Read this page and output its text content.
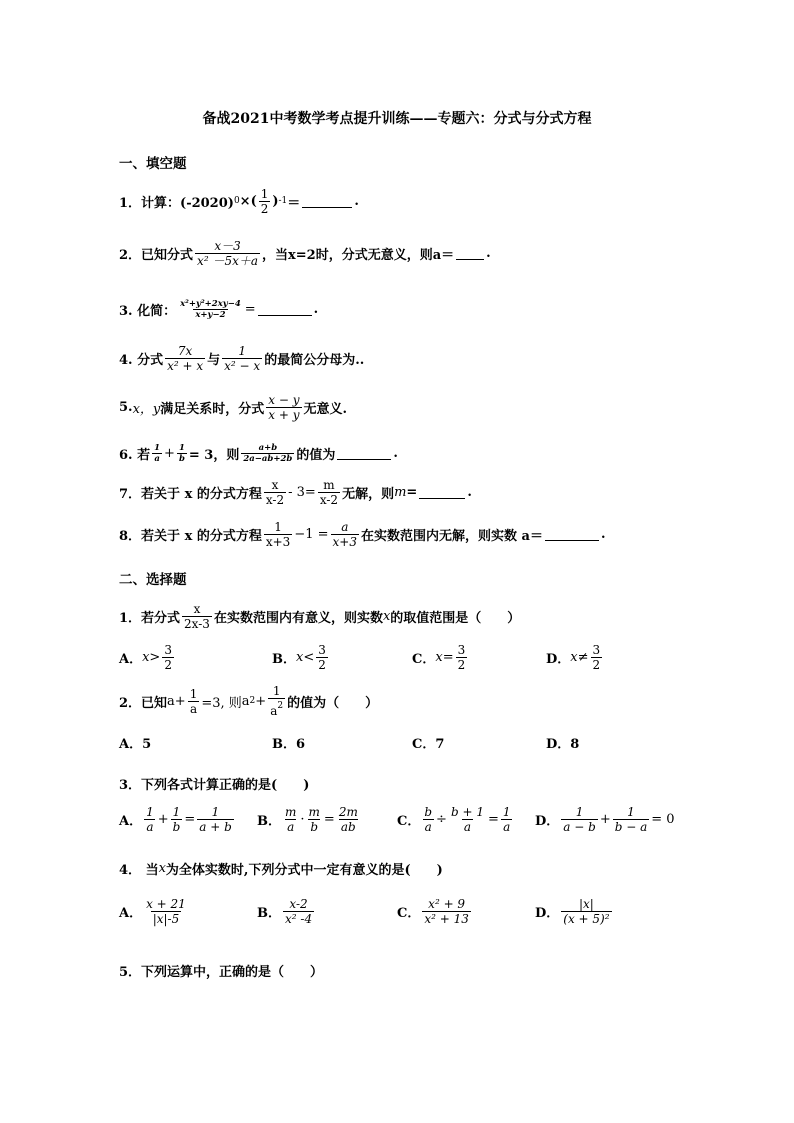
备战2021中考数学考点提升训练——专题六：分式与分式方程
一、填空题
1．计算：(-2020) 0 ×( $\frac{1}{2}$ ) -1 ＝	.
2．已知分式 $\frac{x-3}{\text{x² －5x＋a}}$ ，当x=2时，分式无意义，则a＝ .
3. 化简： $\frac{\text{x²+y²+2xy−4}}{x+y-2}$ =	.
4. 分式 $\frac{7x}{\text{x² + x}}$ 与 $\frac{1}{\text{x² − x}}$ 的最简公分母为..
5. x，y 满足关系时，分式 $\frac{x - y}{x + y}$ 无意义.
6. 若 $\frac{1}{a} + \frac{1}{b} = 3$，则 $\frac{a+b}{2a-ab+2b}$ 的值为	.
7．若关于 x 的分式方程 $\frac{x}{x-2} - 3= \frac{m}{x-2}$ 无解，则 m =	.
8．若关于 x 的分式方程 $\frac{1}{x+3} -1 = \frac{a}{x+3}$ 在实数范围内无解，则实数 a＝	.
二、选择题
1．若分式 $\frac{x}{2x-3}$ 在实数范围内有意义，则实数 x 的取值范围是（　　）
A． $x> \frac{3}{2}$	B． $x< \frac{3}{2}$	C． $x= \frac{3}{2}$	D． $x\ne \frac{3}{2}$
2．已知 $a+ \frac{1}{a} =3$, 则 a $2 + \frac{1}{a^2}$ 的值为（　　）
A．5	B．6	C．7	D．8
3．下列各式计算正确的是(　　)
A． $\frac{1}{a} + \frac{1}{b} = \frac{1}{a + b}$ B． $\frac{m}{a} \cdot \frac{m}{b} = \frac{2m}{ab}$	C． $\frac{b}{a} \div \frac{b + 1}{a} = \frac{1}{a}$ D． $\frac{1}{a - b} + \frac{1}{b - a} = 0$
4． 当 x 为全体实数时,下列分式中一定有意义的是(　　)
A． $\frac{x + 21}{|x|-5}$	B． $\frac{x-2}{\text{x² -4}}$	C． $\frac{\text{x² + 9}}{\text{x² + 13}}$	D． $\frac{|x|}{\text{(x + 5)²}}$
5．下列运算中，正确的是（　　）
